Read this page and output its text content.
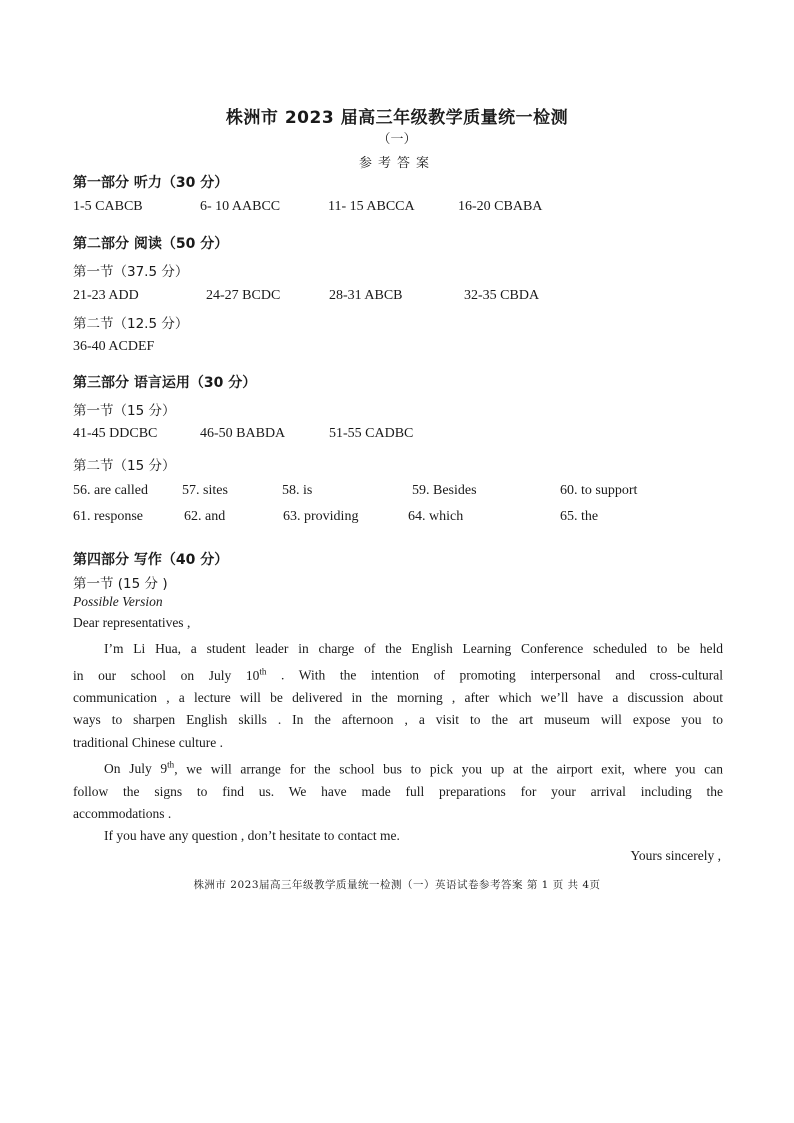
株洲市 2023 届高三年级教学质量统一检测
（一）
参考答案
第一部分 听力（30 分）
1-5 CABCB	6- 10 AABCC	11- 15 ABCCA	16-20 CBABA
第二部分 阅读（50 分）
第一节（37.5 分）
21-23 ADD	24-27 BCDC	28-31 ABCB	32-35 CBDA
第二节（12.5 分）
36-40 ACDEF
第三部分 语言运用（30 分）
第一节（15 分）
41-45 DDCBC	46-50 BABDA	51-55 CADBC
第二节（15 分）
56. are called 57. sites	58. is	59. Besides	60. to support
61. response	62. and	63. providing	64. which	65. the
第四部分 写作（40 分）
第一节 (15 分 )
Possible Version
Dear representatives ,
I’m Li Hua, a student leader in charge of the English Learning Conference scheduled to be held
in our school on July 10th . With the intention of promoting interpersonal and cross-cultural
communication , a lecture will be delivered in the morning , after which we’ll have a discussion about
ways to sharpen English skills . In the afternoon , a visit to the art museum will expose you to
traditional Chinese culture .
On July 9th, we will arrange for the school bus to pick you up at the airport exit, where you can
follow the signs to find us. We have made full preparations for your arrival including the
accommodations .
If you have any question , don’t hesitate to contact me.
Yours sincerely ,
株洲市 2023届高三年级教学质量统一检测（一）英语试卷参考答案 第 1 页 共 4页
